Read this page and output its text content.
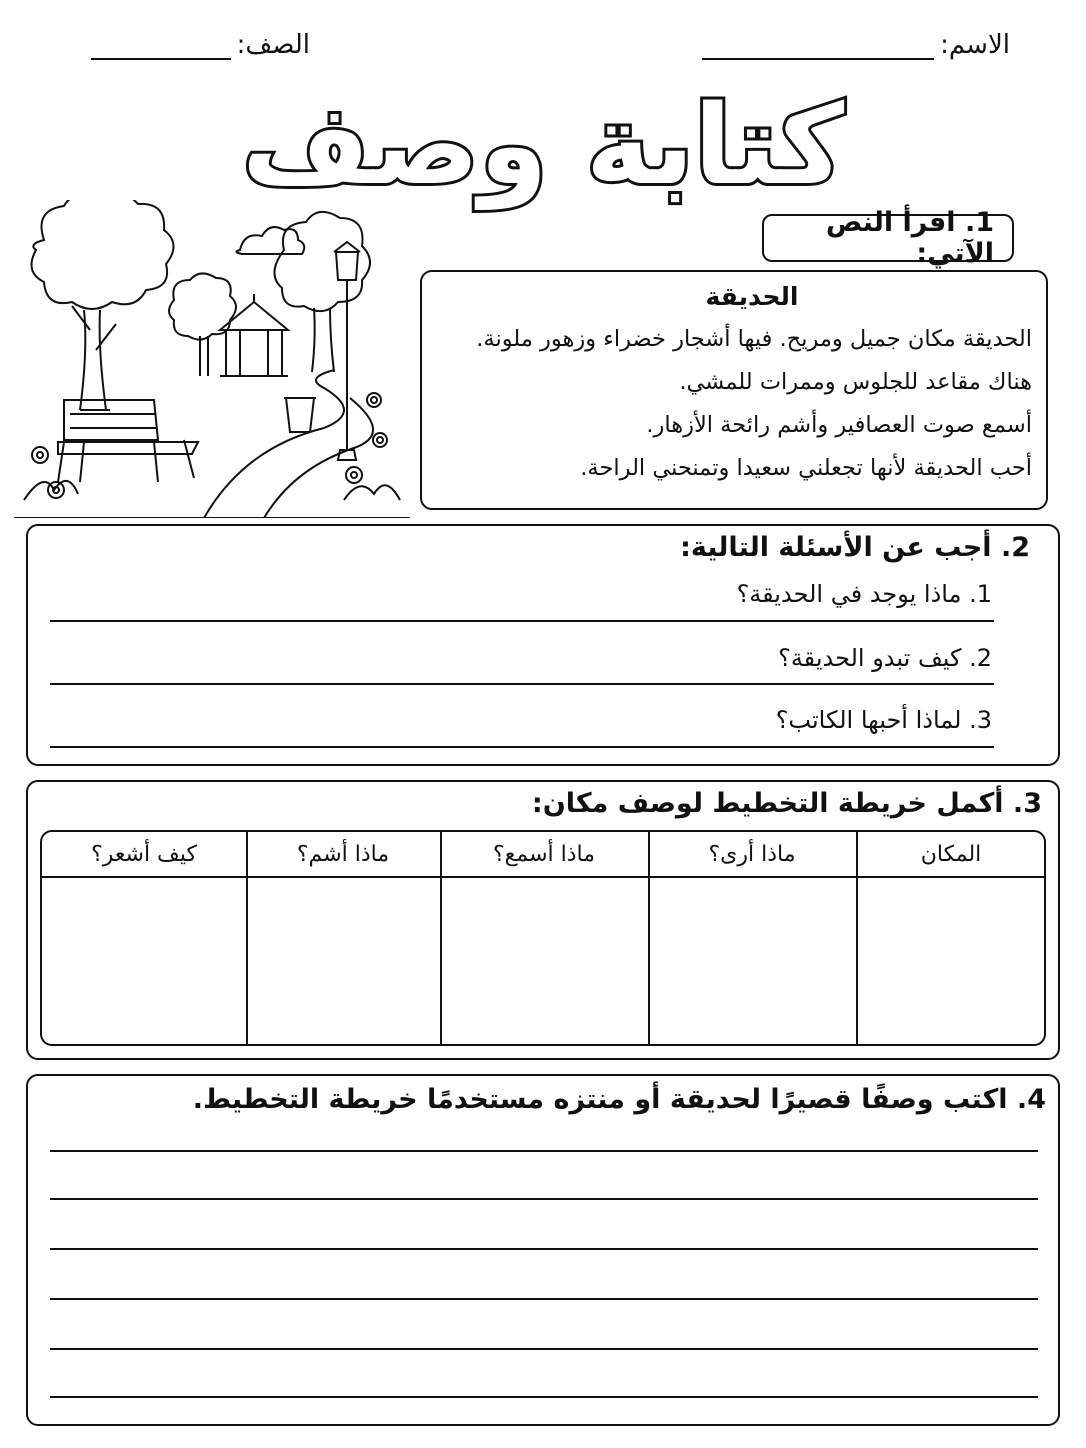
الاسم:
الصف:
كتابة وصف
1. اقرأ النص الآتي:
الحديقة
الحديقة مكان جميل ومريح. فيها أشجار خضراء وزهور ملونة.
هناك مقاعد للجلوس وممرات للمشي.
أسمع صوت العصافير وأشم رائحة الأزهار.
أحب الحديقة لأنها تجعلني سعيدا وتمنحني الراحة.
2. أجب عن الأسئلة التالية:
1. ماذا يوجد في الحديقة؟
2. كيف تبدو الحديقة؟
3. لماذا أحبها الكاتب؟
3. أكمل خريطة التخطيط لوصف مكان:
المكان
ماذا أرى؟
ماذا أسمع؟
ماذا أشم؟
كيف أشعر؟
4. اكتب وصفًا قصيرًا لحديقة أو منتزه مستخدمًا خريطة التخطيط.
